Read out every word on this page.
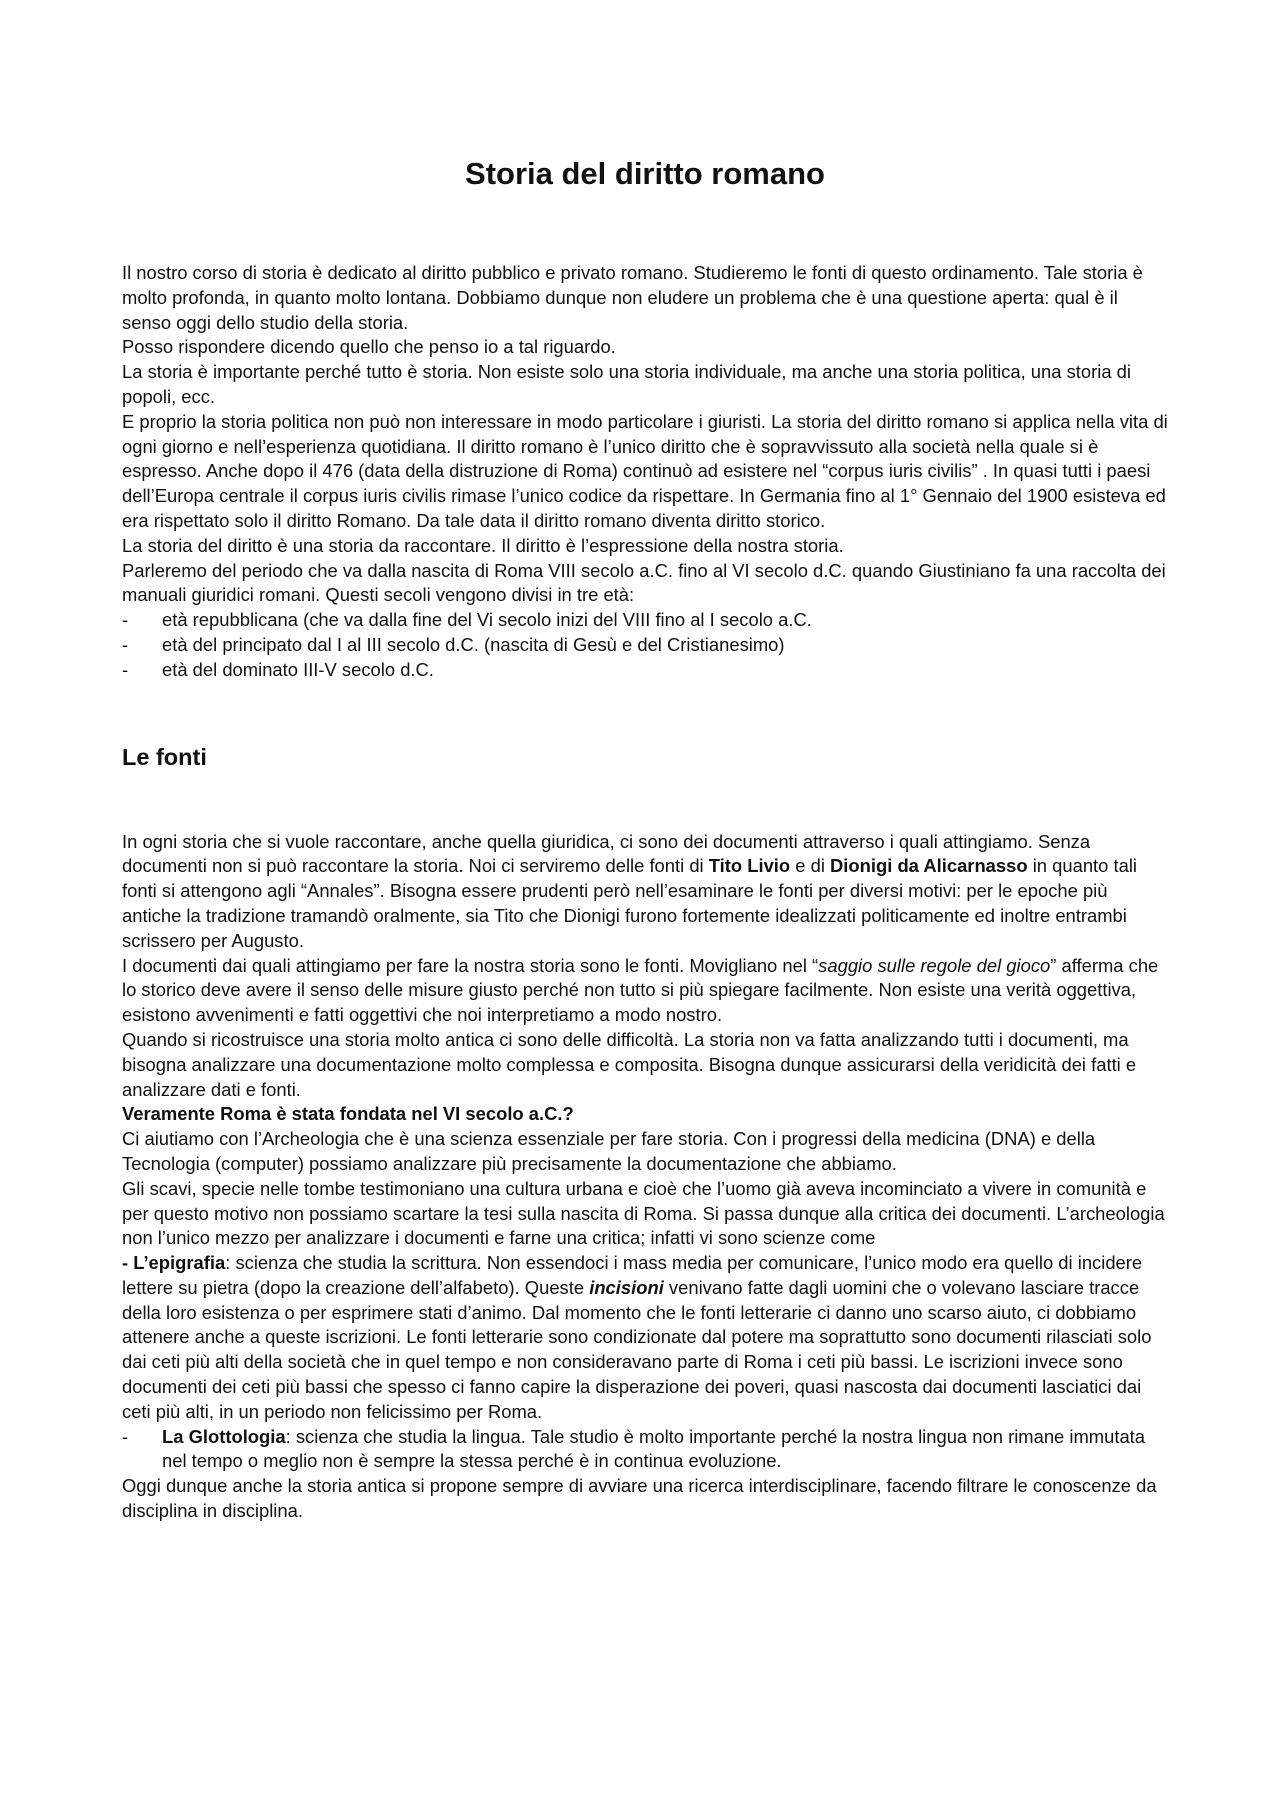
Storia del diritto romano

Il nostro corso di storia è dedicato al diritto pubblico e privato romano. Studieremo le fonti di questo ordinamento. Tale storia è molto profonda, in quanto molto lontana. Dobbiamo dunque non eludere un problema che è una questione aperta: qual è il senso oggi dello studio della storia.

Posso rispondere dicendo quello che penso io a tal riguardo.

La storia è importante perché tutto è storia. Non esiste solo una storia individuale, ma anche una storia politica, una storia di popoli, ecc.

E proprio la storia politica non può non interessare in modo particolare i giuristi. La storia del diritto romano si applica nella vita di ogni giorno e nell’esperienza quotidiana. Il diritto romano è l’unico diritto che è sopravvissuto alla società nella quale si è espresso. Anche dopo il 476 (data della distruzione di Roma) continuò ad esistere nel “corpus iuris civilis” . In quasi tutti i paesi dell’Europa centrale il corpus iuris civilis rimase l’unico codice da rispettare. In Germania fino al 1° Gennaio del 1900 esisteva ed era rispettato solo il diritto Romano. Da tale data il diritto romano diventa diritto storico.

La storia del diritto è una storia da raccontare. Il diritto è l’espressione della nostra storia.

Parleremo del periodo che va dalla nascita di Roma VIII secolo a.C. fino al VI secolo d.C. quando Giustiniano fa una raccolta dei manuali giuridici romani. Questi secoli vengono divisi in tre età:

-	età repubblicana (che va dalla fine del Vi secolo inizi del VIII fino al I secolo a.C.
-	età del principato dal I al III secolo d.C. (nascita di Gesù e del Cristianesimo)
-	età del dominato III-V secolo d.C.
Le fonti

In ogni storia che si vuole raccontare, anche quella giuridica, ci sono dei documenti attraverso i quali attingiamo. Senza documenti non si può raccontare la storia. Noi ci serviremo delle fonti di Tito Livio e di Dionigi da Alicarnasso in quanto tali fonti si attengono agli “Annales”. Bisogna essere prudenti però nell’esaminare le fonti per diversi motivi: per le epoche più antiche la tradizione tramandò oralmente, sia Tito che Dionigi furono fortemente idealizzati politicamente ed inoltre entrambi scrissero per Augusto.

I documenti dai quali attingiamo per fare la nostra storia sono le fonti. Movigliano nel “saggio sulle regole del gioco” afferma che lo storico deve avere il senso delle misure giusto perché non tutto si più spiegare facilmente. Non esiste una verità oggettiva, esistono avvenimenti e fatti oggettivi che noi interpretiamo a modo nostro.

Quando si ricostruisce una storia molto antica ci sono delle difficoltà. La storia non va fatta analizzando tutti i documenti, ma bisogna analizzare una documentazione molto complessa e composita. Bisogna dunque assicurarsi della veridicità dei fatti e analizzare dati e fonti.

Veramente Roma è stata fondata nel VI secolo a.C.?

Ci aiutiamo con l’Archeologia che è una scienza essenziale per fare storia. Con i progressi della medicina (DNA) e della Tecnologia (computer) possiamo analizzare più precisamente la documentazione che abbiamo.

Gli scavi, specie nelle tombe testimoniano una cultura urbana e cioè che l’uomo già aveva incominciato a vivere in comunità e per questo motivo non possiamo scartare la tesi sulla nascita di Roma. Si passa dunque alla critica dei documenti. L’archeologia non l’unico mezzo per analizzare i documenti e farne una critica; infatti vi sono scienze come

- L’epigrafia: scienza che studia la scrittura. Non essendoci i mass media per comunicare, l’unico modo era quello di incidere lettere su pietra (dopo la creazione dell’alfabeto). Queste incisioni venivano fatte dagli uomini che o volevano lasciare tracce della loro esistenza o per esprimere stati d’animo. Dal momento che le fonti letterarie ci danno uno scarso aiuto, ci dobbiamo attenere anche a queste iscrizioni. Le fonti letterarie sono condizionate dal potere ma soprattutto sono documenti rilasciati solo dai ceti più alti della società che in quel tempo e non consideravano parte di Roma i ceti più bassi. Le iscrizioni invece sono documenti dei ceti più bassi che spesso ci fanno capire la disperazione dei poveri, quasi nascosta dai documenti lasciatici dai ceti più alti, in un periodo non felicissimo per Roma.

-	La Glottologia: scienza che studia la lingua. Tale studio è molto importante perché la nostra lingua non rimane immutata nel tempo o meglio non è sempre la stessa perché è in continua evoluzione.

Oggi dunque anche la storia antica si propone sempre di avviare una ricerca interdisciplinare, facendo filtrare le conoscenze da disciplina in disciplina.
